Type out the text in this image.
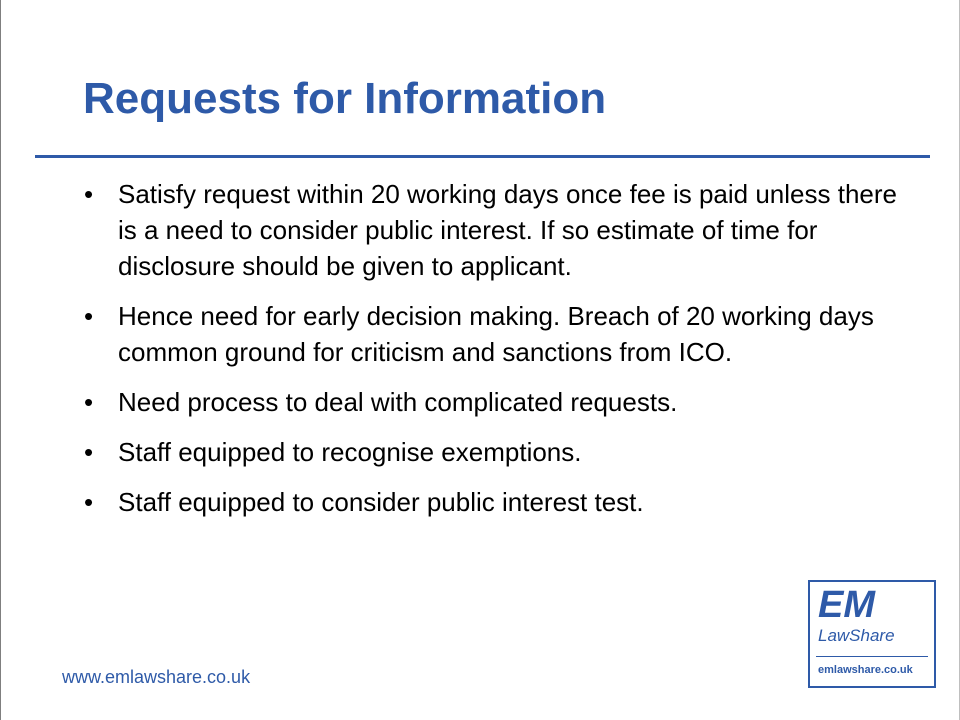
Requests for Information
• Satisfy request within 20 working days once fee is paid unless there is a need to consider public interest. If so estimate of time for disclosure should be given to applicant.
• Hence need for early decision making. Breach of 20 working days common ground for criticism and sanctions from ICO.
• Need process to deal with complicated requests.
• Staff equipped to recognise exemptions.
• Staff equipped to consider public interest test.
www.emlawshare.co.uk
EM
LawShare
emlawshare.co.uk
